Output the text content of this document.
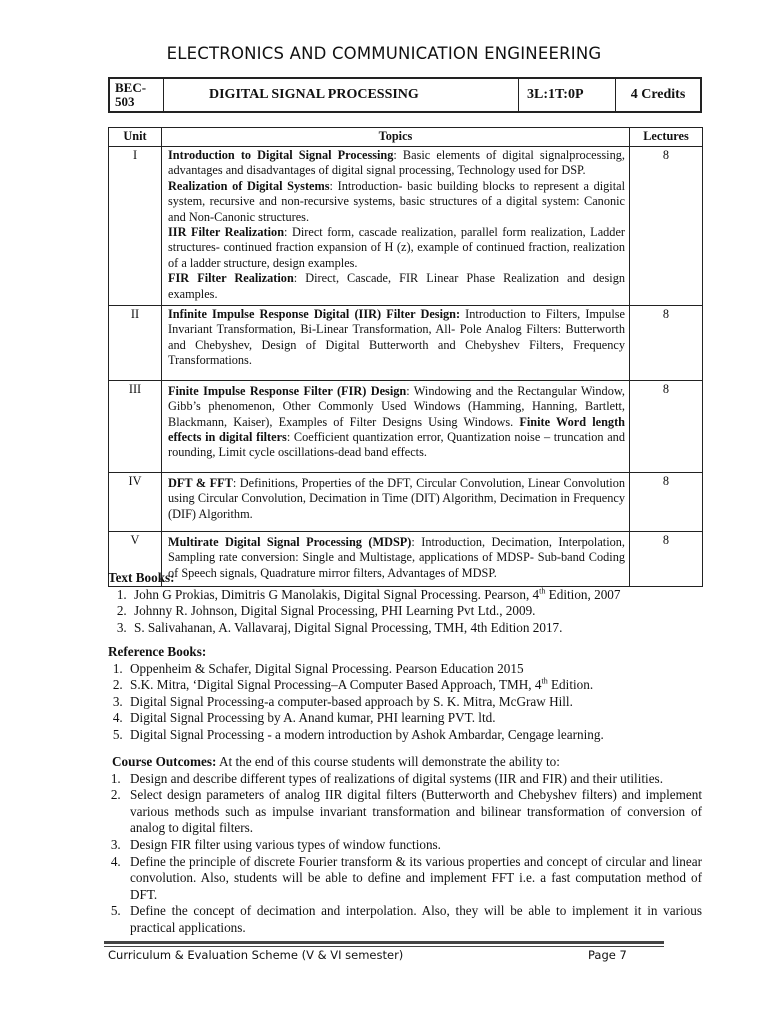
ELECTRONICS AND COMMUNICATION ENGINEERING
BEC-
503	DIGITAL SIGNAL PROCESSING	3L:1T:0P	4 Credits
Unit	Topics	Lectures
I	Introduction to Digital Signal Processing: Basic elements of digital signalprocessing, advantages and disadvantages of digital signal processing, Technology used for DSP.

Realization of Digital Systems: Introduction- basic building blocks to represent a digital system, recursive and non-recursive systems, basic structures of a digital system: Canonic and Non-Canonic structures.

IIR Filter Realization: Direct form, cascade realization, parallel form realization, Ladder structures- continued fraction expansion of H (z), example of continued fraction, realization of a ladder structure, design examples.

FIR Filter Realization: Direct, Cascade, FIR Linear Phase Realization and design examples.	8
II	Infinite Impulse Response Digital (IIR) Filter Design: Introduction to Filters, Impulse Invariant Transformation, Bi-Linear Transformation, All- Pole Analog Filters: Butterworth and Chebyshev, Design of Digital Butterworth and Chebyshev Filters, Frequency Transformations.	8
III	Finite Impulse Response Filter (FIR) Design: Windowing and the Rectangular Window, Gibb’s phenomenon, Other Commonly Used Windows (Hamming, Hanning, Bartlett, Blackmann, Kaiser), Examples of Filter Designs Using Windows. Finite Word length effects in digital filters: Coefficient quantization error, Quantization noise – truncation and rounding, Limit cycle oscillations-dead band effects.	8
IV	DFT & FFT: Definitions, Properties of the DFT, Circular Convolution, Linear Convolution using Circular Convolution, Decimation in Time (DIT) Algorithm, Decimation in Frequency (DIF) Algorithm.	8
V	Multirate Digital Signal Processing (MDSP): Introduction, Decimation, Interpolation, Sampling rate conversion: Single and Multistage, applications of MDSP- Sub-band Coding of Speech signals, Quadrature mirror filters, Advantages of MDSP.	8
Text Books:
1. John G Prokias, Dimitris G Manolakis, Digital Signal Processing. Pearson, 4th Edition, 2007
2. Johnny R. Johnson, Digital Signal Processing, PHI Learning Pvt Ltd., 2009.
3. S. Salivahanan, A. Vallavaraj, Digital Signal Processing, TMH, 4th Edition 2017.
Reference Books:
1. Oppenheim & Schafer, Digital Signal Processing. Pearson Education 2015
2. S.K. Mitra, ‘Digital Signal Processing–A Computer Based Approach, TMH, 4th Edition.
3. Digital Signal Processing-a computer-based approach by S. K. Mitra, McGraw Hill.
4. Digital Signal Processing by A. Anand kumar, PHI learning PVT. ltd.
5. Digital Signal Processing - a modern introduction by Ashok Ambardar, Cengage learning.
Course Outcomes: At the end of this course students will demonstrate the ability to:
1. Design and describe different types of realizations of digital systems (IIR and FIR) and their utilities.
2. Select design parameters of analog IIR digital filters (Butterworth and Chebyshev filters) and implement various methods such as impulse invariant transformation and bilinear transformation of conversion of analog to digital filters.
3. Design FIR filter using various types of window functions.
4. Define the principle of discrete Fourier transform & its various properties and concept of circular and linear convolution. Also, students will be able to define and implement FFT i.e. a fast computation method of DFT.
5. Define the concept of decimation and interpolation. Also, they will be able to implement it in various practical applications.
Curriculum & Evaluation Scheme (V & VI semester)	Page 7
